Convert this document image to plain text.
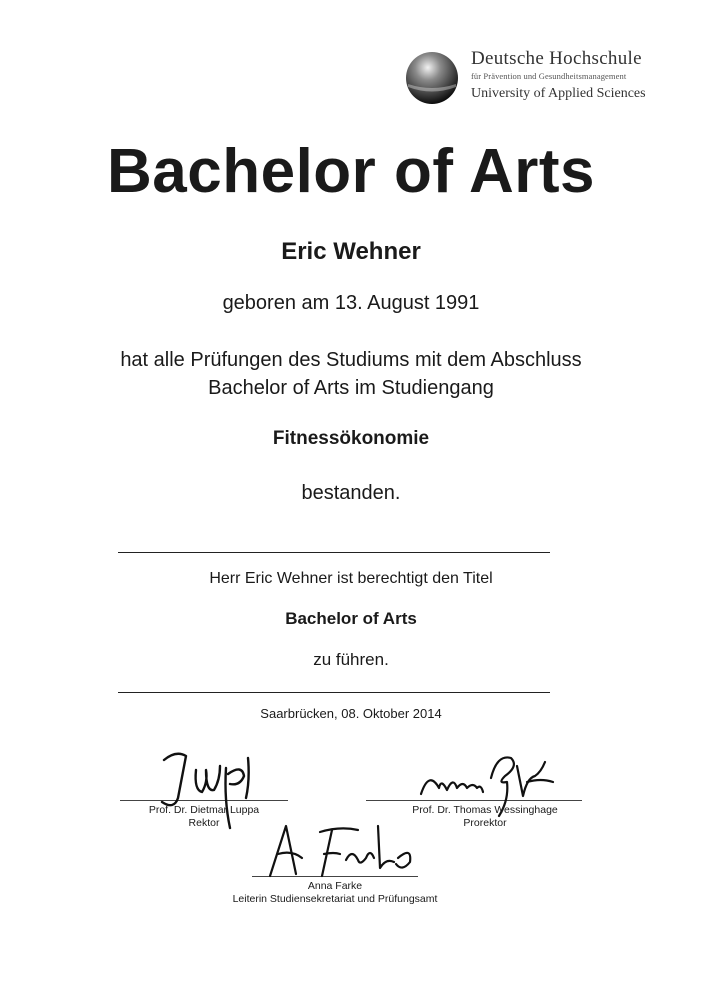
Deutsche Hochschule
für Prävention und Gesundheitsmanagement
University of Applied Sciences
Bachelor of Arts
Eric Wehner
geboren am 13. August 1991
hat alle Prüfungen des Studiums mit dem Abschluss
Bachelor of Arts im Studiengang
Fitnessökonomie
bestanden.
Herr Eric Wehner ist berechtigt den Titel
Bachelor of Arts
zu führen.
Saarbrücken, 08. Oktober 2014
Prof. Dr. Dietmar Luppa
Rektor
Prof. Dr. Thomas Wessinghage
Prorektor
Anna Farke
Leiterin Studiensekretariat und Prüfungsamt
